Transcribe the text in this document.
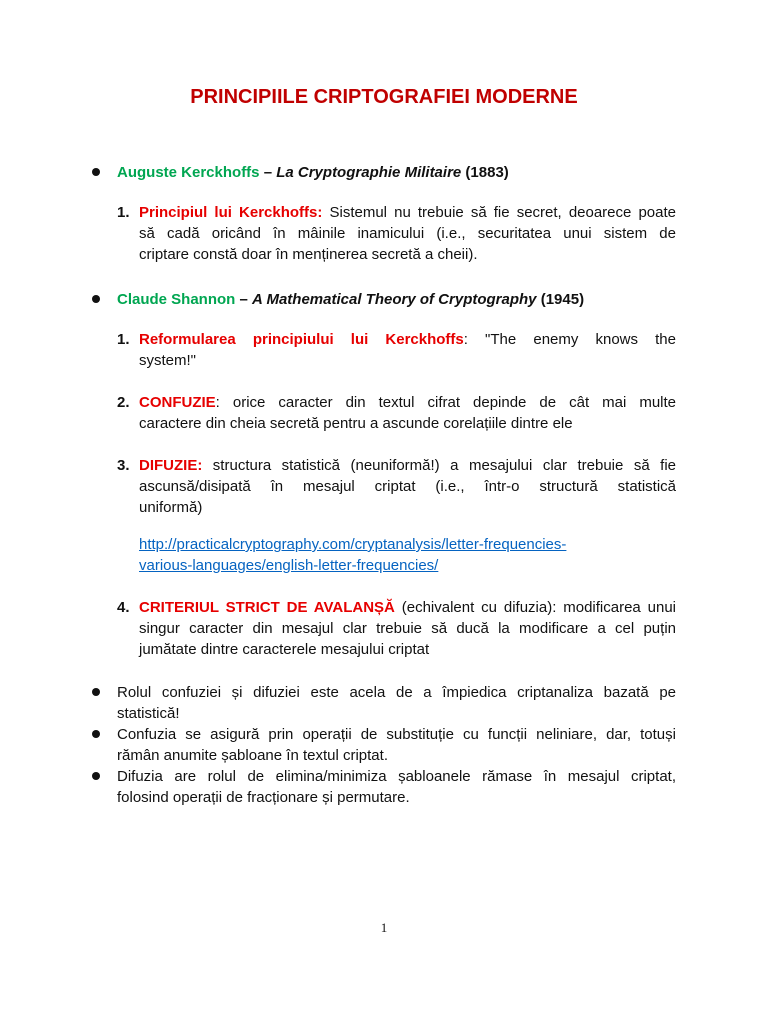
PRINCIPIILE CRIPTOGRAFIEI MODERNE
Auguste Kerckhoffs – La Cryptographie Militaire (1883)
1. Principiul lui Kerckhoffs: Sistemul nu trebuie să fie secret, deoarece poate
să cadă oricând în mâinile inamicului (i.e., securitatea unui sistem de
criptare constă doar în menținerea secretă a cheii).
Claude Shannon – A Mathematical Theory of Cryptography (1945)
1. Reformularea principiului lui Kerckhoffs: "The enemy knows the
system!"
2. CONFUZIE: orice caracter din textul cifrat depinde de cât mai multe
caractere din cheia secretă pentru a ascunde corelațiile dintre ele
3. DIFUZIE: structura statistică (neuniformă!) a mesajului clar trebuie să fie
ascunsă/disipată în mesajul criptat (i.e., într-o structură statistică
uniformă)
http://practicalcryptography.com/cryptanalysis/letter-frequencies-
various-languages/english-letter-frequencies/
4. CRITERIUL STRICT DE AVALANȘĂ (echivalent cu difuzia): modificarea unui
singur caracter din mesajul clar trebuie să ducă la modificare a cel puțin
jumătate dintre caracterele mesajului criptat
Rolul confuziei și difuziei este acela de a împiedica criptanaliza bazată pe
statistică!
Confuzia se asigură prin operații de substituție cu funcții neliniare, dar, totuși
rămân anumite șabloane în textul criptat.
Difuzia are rolul de elimina/minimiza șabloanele rămase în mesajul criptat,
folosind operații de fracționare și permutare.
1
